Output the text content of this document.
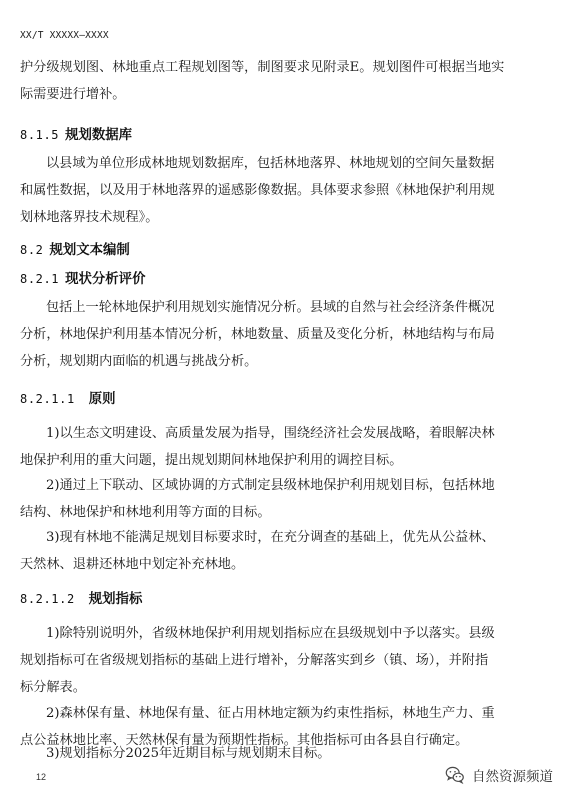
XX/T XXXXX—XXXX
护分级规划图、林地重点工程规划图等，制图要求见附录E。规划图件可根据当地实
际需要进行增补。
8.1.5 规划数据库
以县域为单位形成林地规划数据库，包括林地落界、林地规划的空间矢量数据
和属性数据，以及用于林地落界的遥感影像数据。具体要求参照《林地保护利用规
划林地落界技术规程》。
8.2 规划文本编制
8.2.1 现状分析评价
包括上一轮林地保护利用规划实施情况分析。县域的自然与社会经济条件概况
分析，林地保护利用基本情况分析，林地数量、质量及变化分析，林地结构与布局
分析，规划期内面临的机遇与挑战分析。
8.2.1.1 原则
1)以生态文明建设、高质量发展为指导，围绕经济社会发展战略，着眼解决林
地保护利用的重大问题，提出规划期间林地保护利用的调控目标。
2)通过上下联动、区域协调的方式制定县级林地保护利用规划目标，包括林地
结构、林地保护和林地利用等方面的目标。
3)现有林地不能满足规划目标要求时，在充分调查的基础上，优先从公益林、
天然林、退耕还林地中划定补充林地。
8.2.1.2 规划指标
1)除特别说明外，省级林地保护利用规划指标应在县级规划中予以落实。县级
规划指标可在省级规划指标的基础上进行增补，分解落实到乡（镇、场），并附指
标分解表。
2)森林保有量、林地保有量、征占用林地定额为约束性指标，林地生产力、重
点公益林地比率、天然林保有量为预期性指标。其他指标可由各县自行确定。
3)规划指标分2025年近期目标与规划期末目标。
12	自然资源频道
